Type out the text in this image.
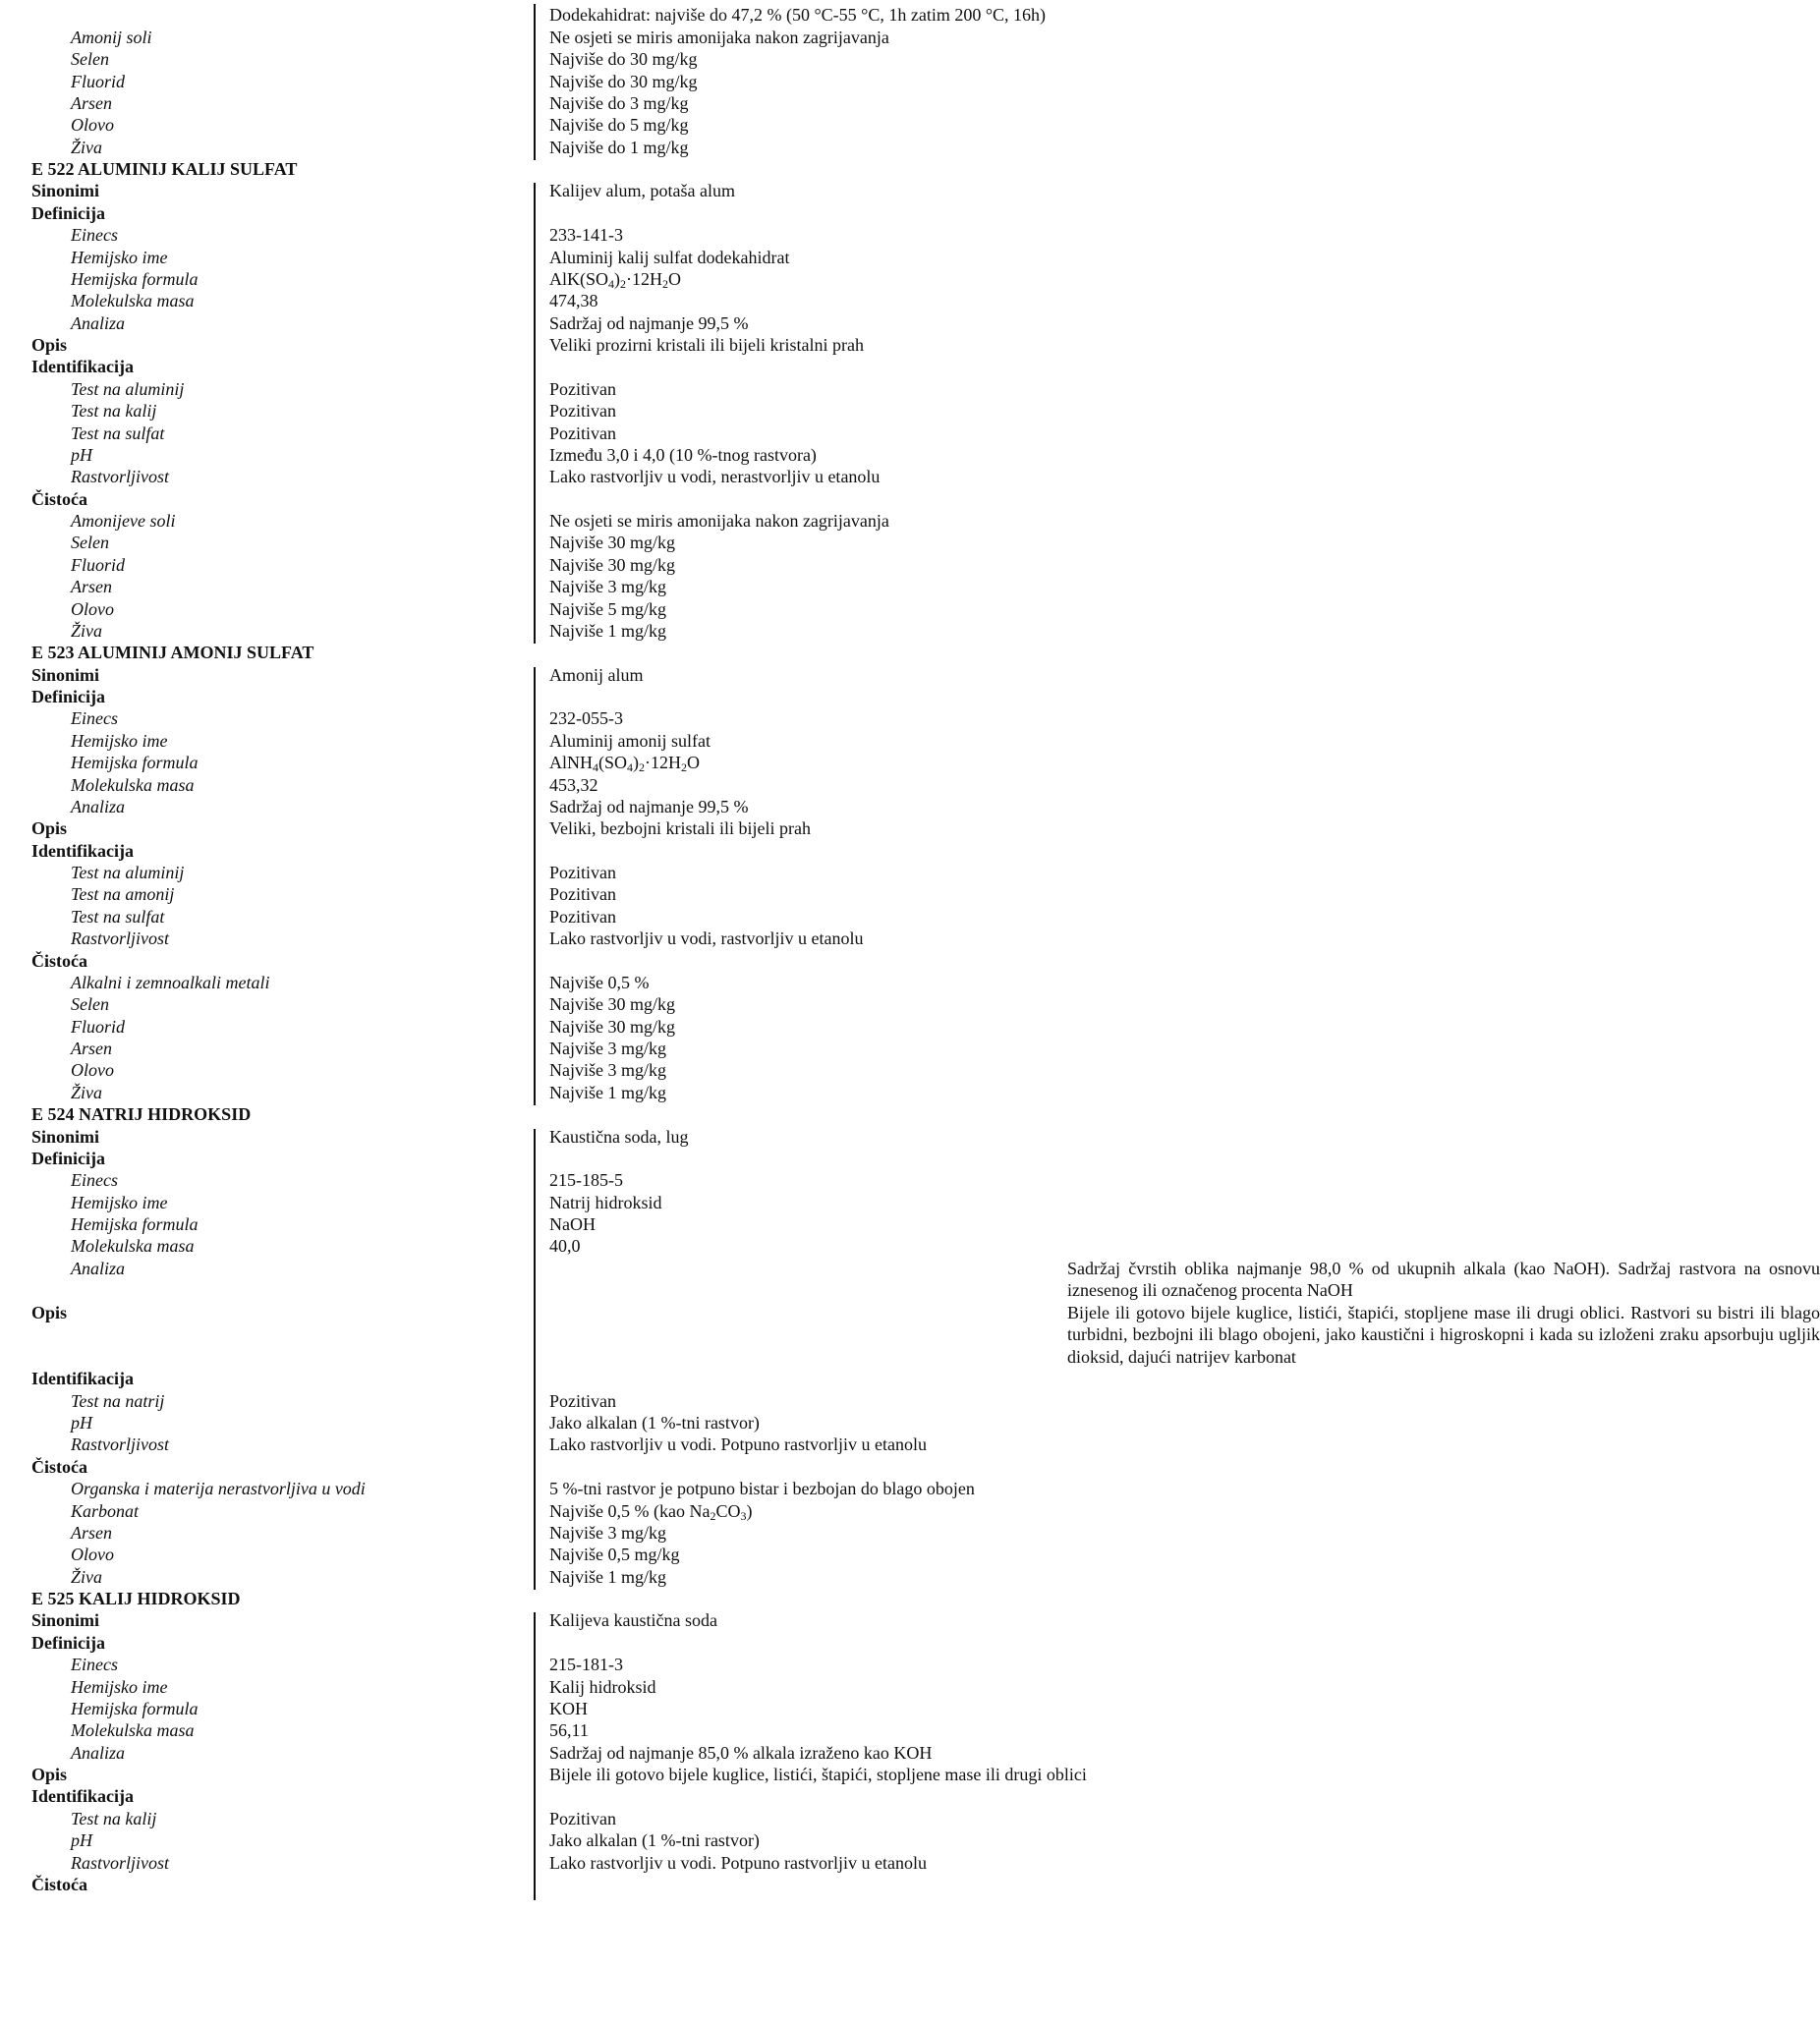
Dodekahidrat: najviše do 47,2 % (50 °C-55 °C, 1h zatim 200 °C, 16h)
Amonij soli	Ne osjeti se miris amonijaka nakon zagrijavanja
Selen	Najviše do 30 mg/kg
Fluorid	Najviše do 30 mg/kg
Arsen	Najviše do 3 mg/kg
Olovo	Najviše do 5 mg/kg
Živa	Najviše do 1 mg/kg
E 522 ALUMINIJ KALIJ SULFAT
Sinonimi	Kalijev alum, potaša alum
Definicija
Einecs	233-141-3
Hemijsko ime	Aluminij kalij sulfat dodekahidrat
Hemijska formula	$AlK(SO_4)_2\cdot 12H_2O$
Molekulska masa	474,38
Analiza	Sadržaj od najmanje 99,5 %
Opis	Veliki prozirni kristali ili bijeli kristalni prah
Identifikacija
Test na aluminij	Pozitivan
Test na kalij	Pozitivan
Test na sulfat	Pozitivan
pH	Između 3,0 i 4,0 (10 %-tnog rastvora)
Rastvorljivost	Lako rastvorljiv u vodi, nerastvorljiv u etanolu
Čistoća
Amonijeve soli	Ne osjeti se miris amonijaka nakon zagrijavanja
Selen	Najviše 30 mg/kg
Fluorid	Najviše 30 mg/kg
Arsen	Najviše 3 mg/kg
Olovo	Najviše 5 mg/kg
Živa	Najviše 1 mg/kg
E 523 ALUMINIJ AMONIJ SULFAT
Sinonimi	Amonij alum
Definicija
Einecs	232-055-3
Hemijsko ime	Aluminij amonij sulfat
Hemijska formula	$AlNH_4(SO_4)_2\cdot 12H_2O$
Molekulska masa	453,32
Analiza	Sadržaj od najmanje 99,5 %
Opis	Veliki, bezbojni kristali ili bijeli prah
Identifikacija
Test na aluminij	Pozitivan
Test na amonij	Pozitivan
Test na sulfat	Pozitivan
Rastvorljivost	Lako rastvorljiv u vodi, rastvorljiv u etanolu
Čistoća
Alkalni i zemnoalkali metali	Najviše 0,5 %
Selen	Najviše 30 mg/kg
Fluorid	Najviše 30 mg/kg
Arsen	Najviše 3 mg/kg
Olovo	Najviše 3 mg/kg
Živa	Najviše 1 mg/kg
E 524 NATRIJ HIDROKSID
Sinonimi	Kaustična soda, lug
Definicija
Einecs	215-185-5
Hemijsko ime	Natrij hidroksid
Hemijska formula	NaOH
Molekulska masa	40,0
Analiza	Sadržaj čvrstih oblika najmanje 98,0 % od ukupnih alkala (kao NaOH). Sadržaj rastvora na osnovu iznesenog ili označenog procenta NaOH
Opis	Bijele ili gotovo bijele kuglice, listići, štapići, stopljene mase ili drugi oblici. Rastvori su bistri ili blago turbidni, bezbojni ili blago obojeni, jako kaustični i higroskopni i kada su izloženi zraku apsorbuju ugljik dioksid, dajući natrijev karbonat
Identifikacija
Test na natrij	Pozitivan
pH	Jako alkalan (1 %-tni rastvor)
Rastvorljivost	Lako rastvorljiv u vodi. Potpuno rastvorljiv u etanolu
Čistoća
Organska i materija nerastvorljiva u vodi	5 %-tni rastvor je potpuno bistar i bezbojan do blago obojen
Karbonat	Najviše 0,5 % (kao $Na_2CO_3$)
Arsen	Najviše 3 mg/kg
Olovo	Najviše 0,5 mg/kg
Živa	Najviše 1 mg/kg
E 525 KALIJ HIDROKSID
Sinonimi	Kalijeva kaustična soda
Definicija
Einecs	215-181-3
Hemijsko ime	Kalij hidroksid
Hemijska formula	KOH
Molekulska masa	56,11
Analiza	Sadržaj od najmanje 85,0 % alkala izraženo kao KOH
Opis	Bijele ili gotovo bijele kuglice, listići, štapići, stopljene mase ili drugi oblici
Identifikacija
Test na kalij	Pozitivan
pH	Jako alkalan (1 %-tni rastvor)
Rastvorljivost	Lako rastvorljiv u vodi. Potpuno rastvorljiv u etanolu
Čistoća
